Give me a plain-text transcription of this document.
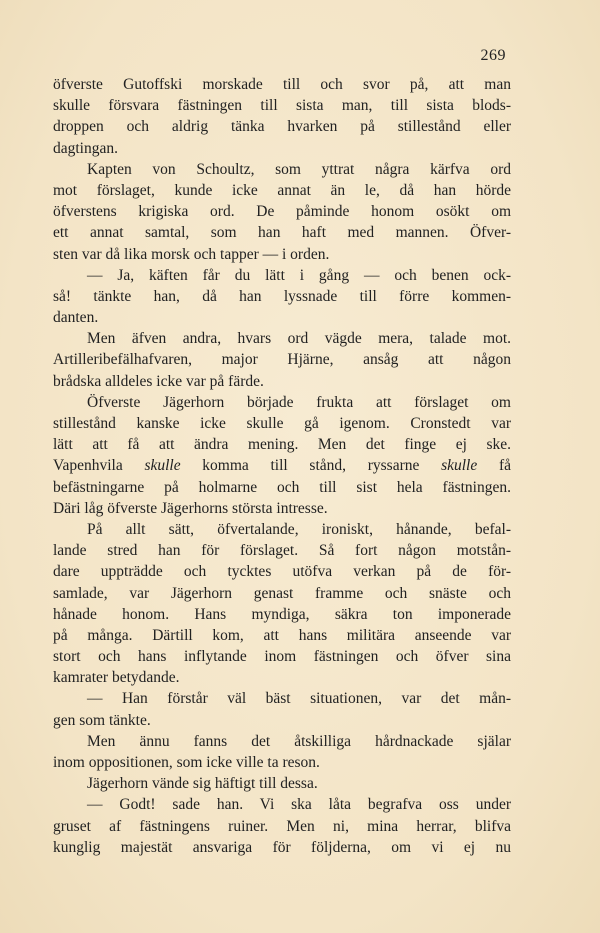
269
öfverste Gutoffski morskade till och svor på, att man
skulle försvara fästningen till sista man, till sista blods-
droppen och aldrig tänka hvarken på stillestånd eller
dagtingan.
Kapten von Schoultz, som yttrat några kärfva ord
mot förslaget, kunde icke annat än le, då han hörde
öfverstens krigiska ord. De påminde honom osökt om
ett annat samtal, som han haft med mannen. Öfver-
sten var då lika morsk och tapper — i orden.
— Ja, käften får du lätt i gång — och benen ock-
så! tänkte han, då han lyssnade till förre kommen-
danten.
Men äfven andra, hvars ord vägde mera, talade mot.
Artilleribefälhafvaren, major Hjärne, ansåg att någon
brådska alldeles icke var på färde.
Öfverste Jägerhorn började frukta att förslaget om
stillestånd kanske icke skulle gå igenom. Cronstedt var
lätt att få att ändra mening. Men det finge ej ske.
Vapenhvila skulle komma till stånd, ryssarne skulle få
befästningarne på holmarne och till sist hela fästningen.
Däri låg öfverste Jägerhorns största intresse.
På allt sätt, öfvertalande, ironiskt, hånande, befal-
lande stred han för förslaget. Så fort någon motstån-
dare uppträdde och tycktes utöfva verkan på de för-
samlade, var Jägerhorn genast framme och snäste och
hånade honom. Hans myndiga, säkra ton imponerade
på många. Därtill kom, att hans militära anseende var
stort och hans inflytande inom fästningen och öfver sina
kamrater betydande.
— Han förstår väl bäst situationen, var det mån-
gen som tänkte.
Men ännu fanns det åtskilliga hårdnackade själar
inom oppositionen, som icke ville ta reson.
Jägerhorn vände sig häftigt till dessa.
— Godt! sade han. Vi ska låta begrafva oss under
gruset af fästningens ruiner. Men ni, mina herrar, blifva
kunglig majestät ansvariga för följderna, om vi ej nu
